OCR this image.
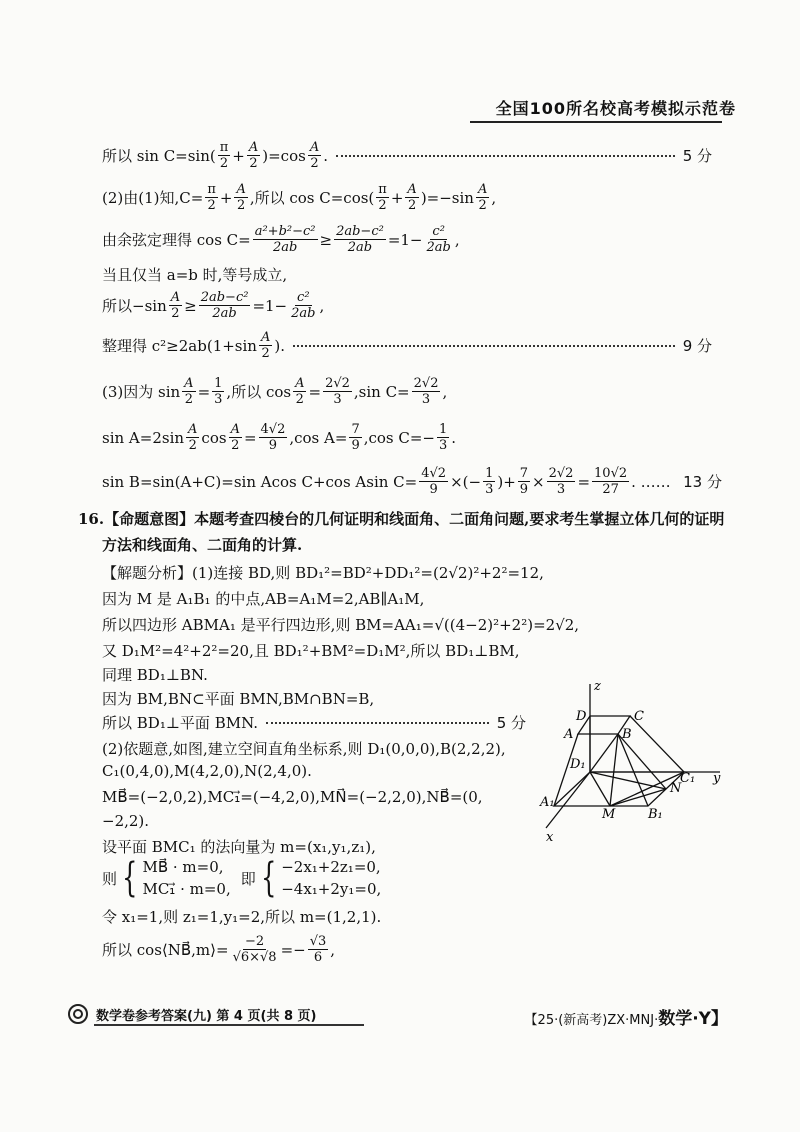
全国100所名校高考模拟示范卷
所以 $\sin C=\sin( \frac{\pi}{2} + \frac{A}{2} )=\cos \frac{A}{2}$ .	5 分
(2)由(1)知$,C= \frac{\pi}{2} + \frac{A}{2}$ ,所以 $\cos C=\cos( \frac{\pi}{2} + \frac{A}{2} )=-\sin \frac{A}{2}$ ,
由余弦定理得 $\cos C= \frac{\text{a²+b²−c²}}{2ab} \ge \frac{\text{2ab−c²}}{2ab} =1- \frac{\text{c²}}{2ab}$ ,
当且仅当 a=b 时,等号成立,
所以$-\sin \frac{A}{2} \ge \frac{\text{2ab−c²}}{2ab} =1- \frac{\text{c²}}{2ab}$ ,
整理得 $c^2\ge 2ab(1+\sin \frac{A}{2}$ ).	9 分
(3)因为 $\sin \frac{A}{2} = \frac{1}{3}$ ,所以 $\cos \frac{A}{2} = \frac{2√2}{3} ,\sin$ $C= \frac{2√2}{3}$ ,
$\sin A=2\sin \frac{A}{2}$ $\cos \frac{A}{2} = \frac{4√2}{9} ,\cos$ $A= \frac{7}{9} ,\cos$ $C=- \frac{1}{3}$ .
sin B=sin(A+C)=sin Acos C+cos Asin $C= \frac{4√2}{9}$ ×(− $\frac{1}{3}$ )+ $\frac{7}{9} \times \frac{2√2}{3} = \frac{10√2}{27}$ . …… 13 分
16.【命题意图】本题考查四棱台的几何证明和线面角、二面角问题,要求考生掌握立体几何的证明
方法和线面角、二面角的计算.
【解题分析】(1)连接 BD,则 BD₁²=BD²+DD₁²=(2√2)²+2²=12,
因为 M 是 A₁B₁ 的中点,AB=A₁M=2,AB∥A₁M,
所以四边形 ABMA₁ 是平行四边形,则 BM=AA₁=√((4−2)²+2²)=2√2,
又 D₁M²=4²+2²=20,且 BD₁²+BM²=D₁M²,所以 BD₁⊥BM,
同理 BD₁⊥BN.
因为 BM,BN⊂平面 BMN,BM∩BN=B,
所以 BD₁⊥平面 BMN.	5 分
(2)依题意,如图,建立空间直角坐标系,则 D₁(0,0,0),B(2,2,2),
C₁(0,4,0),M(4,2,0),N(2,4,0).
MB⃗=(−2,0,2),MC₁⃗=(−4,2,0),MN⃗=(−2,2,0),NB⃗=(0,
−2,2).
设平面 BMC₁ 的法向量为 m=(x₁,y₁,z₁),
则 { MB⃗ · m=0,
MC₁⃗ · m=0,
即 { −2x₁+2z₁=0,
−4x₁+2y₁=0,
令 x₁=1,则 z₁=1,y₁=2,所以 m=(1,2,1).
所以 cos⟨NB⃗,m⟩= $\frac{-2}{√6\times√8} =- \frac{√3}{6}$ ,
z
y
x
D	C
A	B
D₁
C₁
N
A₁
M	B₁
数学卷参考答案(九) 第 4 页(共 8 页)	【25·(新高考)ZX·MNJ·数学·Y】
